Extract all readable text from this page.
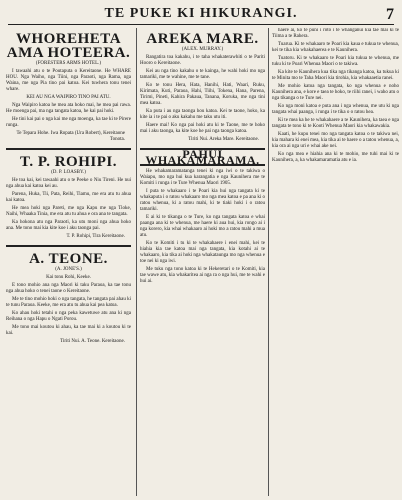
TE PUKE KI HIKURANGI.	7
WHOREHETA AMA HOTEERA.
(FORESTERS ARMS HOTEL.)

I tawaahi atu o te Poutaputa o Kereitaone. He WHARE HOU. Nga Waiho, nga Tiini, nga Paraoti, nga Rama, nga Waina, me nga Pia tino pai katoa. Kei tuwhera tonu tenei whare.

KEI AU NGA WAIPIRO TINO PAI ATU.

Nga Waipiro katoa he mea ata hoko mai, he mea pai rawa. He moenga pai, ma nga tangata katoa, he kai pai hoki.

He tini kai pai o nga kai me nga moenga, ka tae ki te Pirere runga.

Te Tepara Hohe. Iwa Ropata (Ura Robert), Kereitaone Tonota.

T. P. ROHIPI.
(D. P. LOASBY.)

He toa kai, kei tawaahi atu o te Peeke o Niu Tireni. He nui nga ahua kai katoa kei au.

Parena, Huka, Tii, Pata, Reihi, Tiamu, me era atu tu ahua kai katoa.

He mea hoki nga Pareti, me nga Kapu me nga Tioke, Naihi, Whaaka Tinia, me era atu tu ahua e ora ana te tangata.

Ka hokona atu nga Paraoti, ka utu moni nga ahua hoko ana. Me tono mai kia kite koe i aku taonga pai.

T. P. Rohipi, Tira Kereitaone.

A. TEONE.
(A. JONE'S.)

Kai tonu Rohi, Keeke.

E tono mohio ana nga Maori ki taku Paraoa, ka tae tonu nga ahua hoko o tenei taone o Kereitaone.

Me te tino mohio hoki o nga tangata, he tangata pai ahau ki te tunu Paraoa. Keeke, me era atu tu ahua kai pea katoa.

Ko ahau hoki tetahi o nga peka kawetuwe atu ana ki nga Reihana o nga Hapu o Ngati Porou.

Me tono mai koutou ki ahau, ka tae mai ki a koutou ki te kai.

Tiriti Nui. A. Teone. Kereitaone.

AREKA MARE.
(ALEX. MURRAY.)

Rangatira toa kakahu, i te taha whakaterawhiti o te Pariti Hooro o Kereitaone.

Kei au nga tino kakahu o te kainga, he wahi hoki mo nga tamariki, me te wahine, me te tane.

Ko te tonu Hera, Hata, Hanihi, Hati, Waari, Ruku, Kirimata, Kuti, Paraoa, Hahi, Tiihi, Tokena, Hana, Parena, Tirimi, Pineti, Kahira Pakaua, Tanana, Koruka, me nga tini mea katoa.

Ka puta i au nga taonga hou katoa. Kei te taone, hoko, ka kite ia i te pai o aku kakahu me taku utu iti.

Haere mai! Ko nga pai hoki atu ki te Taone, me te hoko mai i aku taonga, ka kite koe he pai nga taonga katoa.

Tiriti Nui. Areka Mare. Kereitaone.

PAHUI WHAKAMARAMA.

He whakamaramatanga tenei ki nga iwi o te takiwa o Waiapu, mo nga hui kua karangatia e nga Kaunihera me te Komiti i runga i te Ture Whenua Maori 1905.

I puta te whakaaro i te Poari kia hui nga tangata ki te whakaputa i o ratou whakaaro mo nga mea katoa e pa ana ki o ratou whenua, ki a ratou mahi, ki te tiaki hoki i o ratou tamariki.

E ai ki te tikanga o te Ture, ko nga tangata katoa e whai paanga ana ki te whenua, me haere ki aua hui, kia rongo ai i nga korero, kia whai whakaaro ai hoki mo a ratou mahi a mua atu.

Ko te Komiti i tu ki te whakahaere i enei mahi, kei te hiahia kia tae katoa mai nga tangata, kia kotahi ai te whakaaro, kia tika ai hoki nga whakataunga mo nga whenua e toe nei ki nga iwi.

Me tuku nga tono katoa ki te Hekeretari o te Komiti, kia tae wawe atu, kia whakaritea ai nga ra o nga hui, me te wahi e hui ai.

haere ai, ko te puni i roto i te whanganui kia tae mai ki te Tiima a te Rahera.

Tuarua. Ki te whakaaro te Poari kia kaua e tukua te whenua, kei te tika kia whakahaerea e te Kaunihera.

Tuatoru. Ki te whakaaro te Poari kia tukua te whenua, me tuku ki te Poari Whenua Maori o te takiwa.

Ka kite te Kaunihera kua tika nga tikanga katoa, ka tukua ki te Minita mo te Taha Maori kia tirohia, kia whakaaetia ranei.

Me mohio katoa nga tangata, ko nga whenua e noho Kaunihera ana, e kore e taea te hoko, te riihi ranei, i waho atu o nga tikanga o te Ture nei.

Ko nga moni katoa e puta ana i nga whenua, me utu ki nga tangata whai paanga, i runga i te tika o o ratou hea.

Ki te mea ka he te whakahaere a te Kaunihera, ka taea e nga tangata te tono ki te Kooti Whenua Maori kia whakawakia.

Kaati, he kupu tenei mo nga tangata katoa o te takiwa nei, kia mahara ki enei mea, kia tika ai te haere o a tatou whenua, a, kia ora ai nga uri e whai ake nei.

Ko nga mea e hiahia ana ki te mohio, me tuhi mai ki te Kaunihera, a, ka whakamaramatia atu e ia.
